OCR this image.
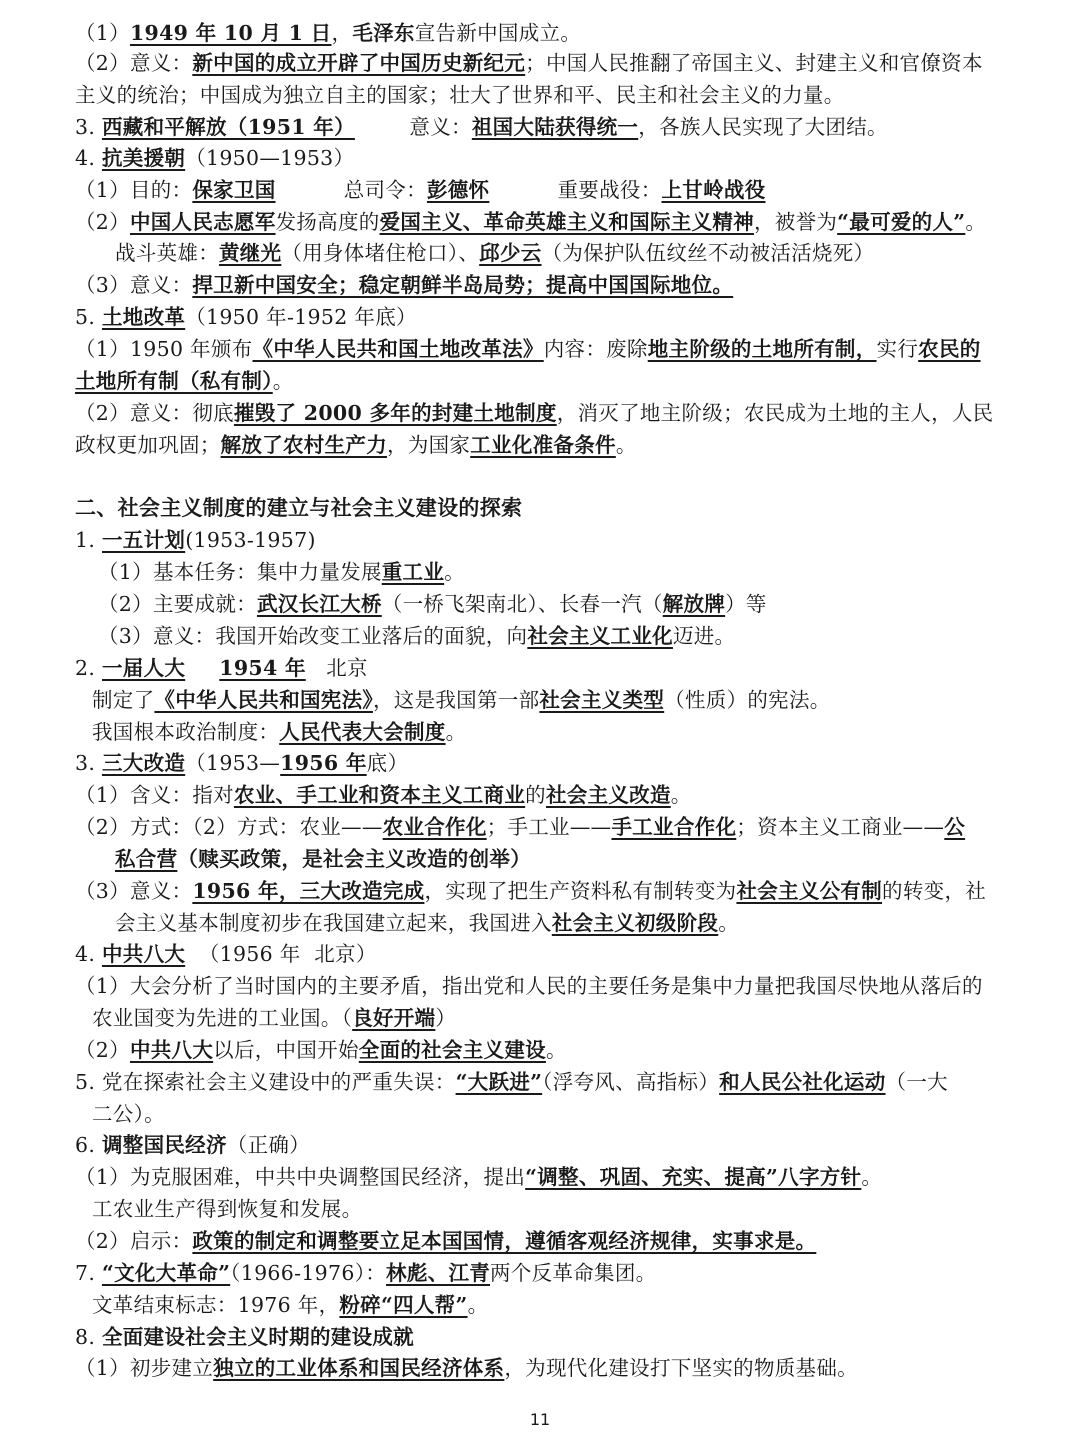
（1）1949 年 10 月 1 日，毛泽东宣告新中国成立。
（2）意义：新中国的成立开辟了中国历史新纪元；中国人民推翻了帝国主义、封建主义和官僚资本
主义的统治；中国成为独立自主的国家；壮大了世界和平、民主和社会主义的力量。
3. 西藏和平解放（1951 年）        意义：祖国大陆获得统一，各族人民实现了大团结。
4. 抗美援朝（1950—1953）
（1）目的：保家卫国          总司令：彭德怀          重要战役：上甘岭战役
（2）中国人民志愿军发扬高度的爱国主义、革命英雄主义和国际主义精神，被誉为“最可爱的人”。
战斗英雄：黄继光（用身体堵住枪口）、邱少云（为保护队伍纹丝不动被活活烧死）
（3）意义：捍卫新中国安全；稳定朝鲜半岛局势；提高中国国际地位。
5. 土地改革（1950 年-1952 年底）
（1）1950 年颁布《中华人民共和国土地改革法》内容：废除地主阶级的土地所有制，实行农民的
土地所有制（私有制）。
（2）意义：彻底摧毁了 2000 多年的封建土地制度，消灭了地主阶级；农民成为土地的主人，人民
政权更加巩固；解放了农村生产力，为国家工业化准备条件。
二、社会主义制度的建立与社会主义建设的探索
1. 一五计划(1953-1957)
（1）基本任务：集中力量发展重工业。
（2）主要成就：武汉长江大桥（一桥飞架南北）、长春一汽（解放牌）等
（3）意义：我国开始改变工业落后的面貌，向社会主义工业化迈进。
2. 一届人大 1954 年   北京
制定了《中华人民共和国宪法》，这是我国第一部社会主义类型（性质）的宪法。
我国根本政治制度：人民代表大会制度。
3. 三大改造（1953—1956 年底）
（1）含义：指对农业、手工业和资本主义工商业的社会主义改造。
（2）方式：（2）方式：农业——农业合作化；手工业——手工业合作化；资本主义工商业——公
私合营（赎买政策，是社会主义改造的创举）
（3）意义：1956 年，三大改造完成，实现了把生产资料私有制转变为社会主义公有制的转变，社
会主义基本制度初步在我国建立起来，我国进入社会主义初级阶段。
4. 中共八大  （1956 年  北京）
（1）大会分析了当时国内的主要矛盾，指出党和人民的主要任务是集中力量把我国尽快地从落后的
农业国变为先进的工业国。（良好开端）
（2）中共八大以后，中国开始全面的社会主义建设。
5. 党在探索社会主义建设中的严重失误：“大跃进”（浮夸风、高指标）和人民公社化运动（一大
二公）。
6. 调整国民经济（正确）
（1）为克服困难，中共中央调整国民经济，提出“调整、巩固、充实、提高”八字方针。
工农业生产得到恢复和发展。
（2）启示：政策的制定和调整要立足本国国情，遵循客观经济规律，实事求是。
7. “文化大革命”（1966-1976）：林彪、江青两个反革命集团。
文革结束标志：1976 年，粉碎“四人帮”。
8. 全面建设社会主义时期的建设成就
（1）初步建立独立的工业体系和国民经济体系，为现代化建设打下坚实的物质基础。
11
